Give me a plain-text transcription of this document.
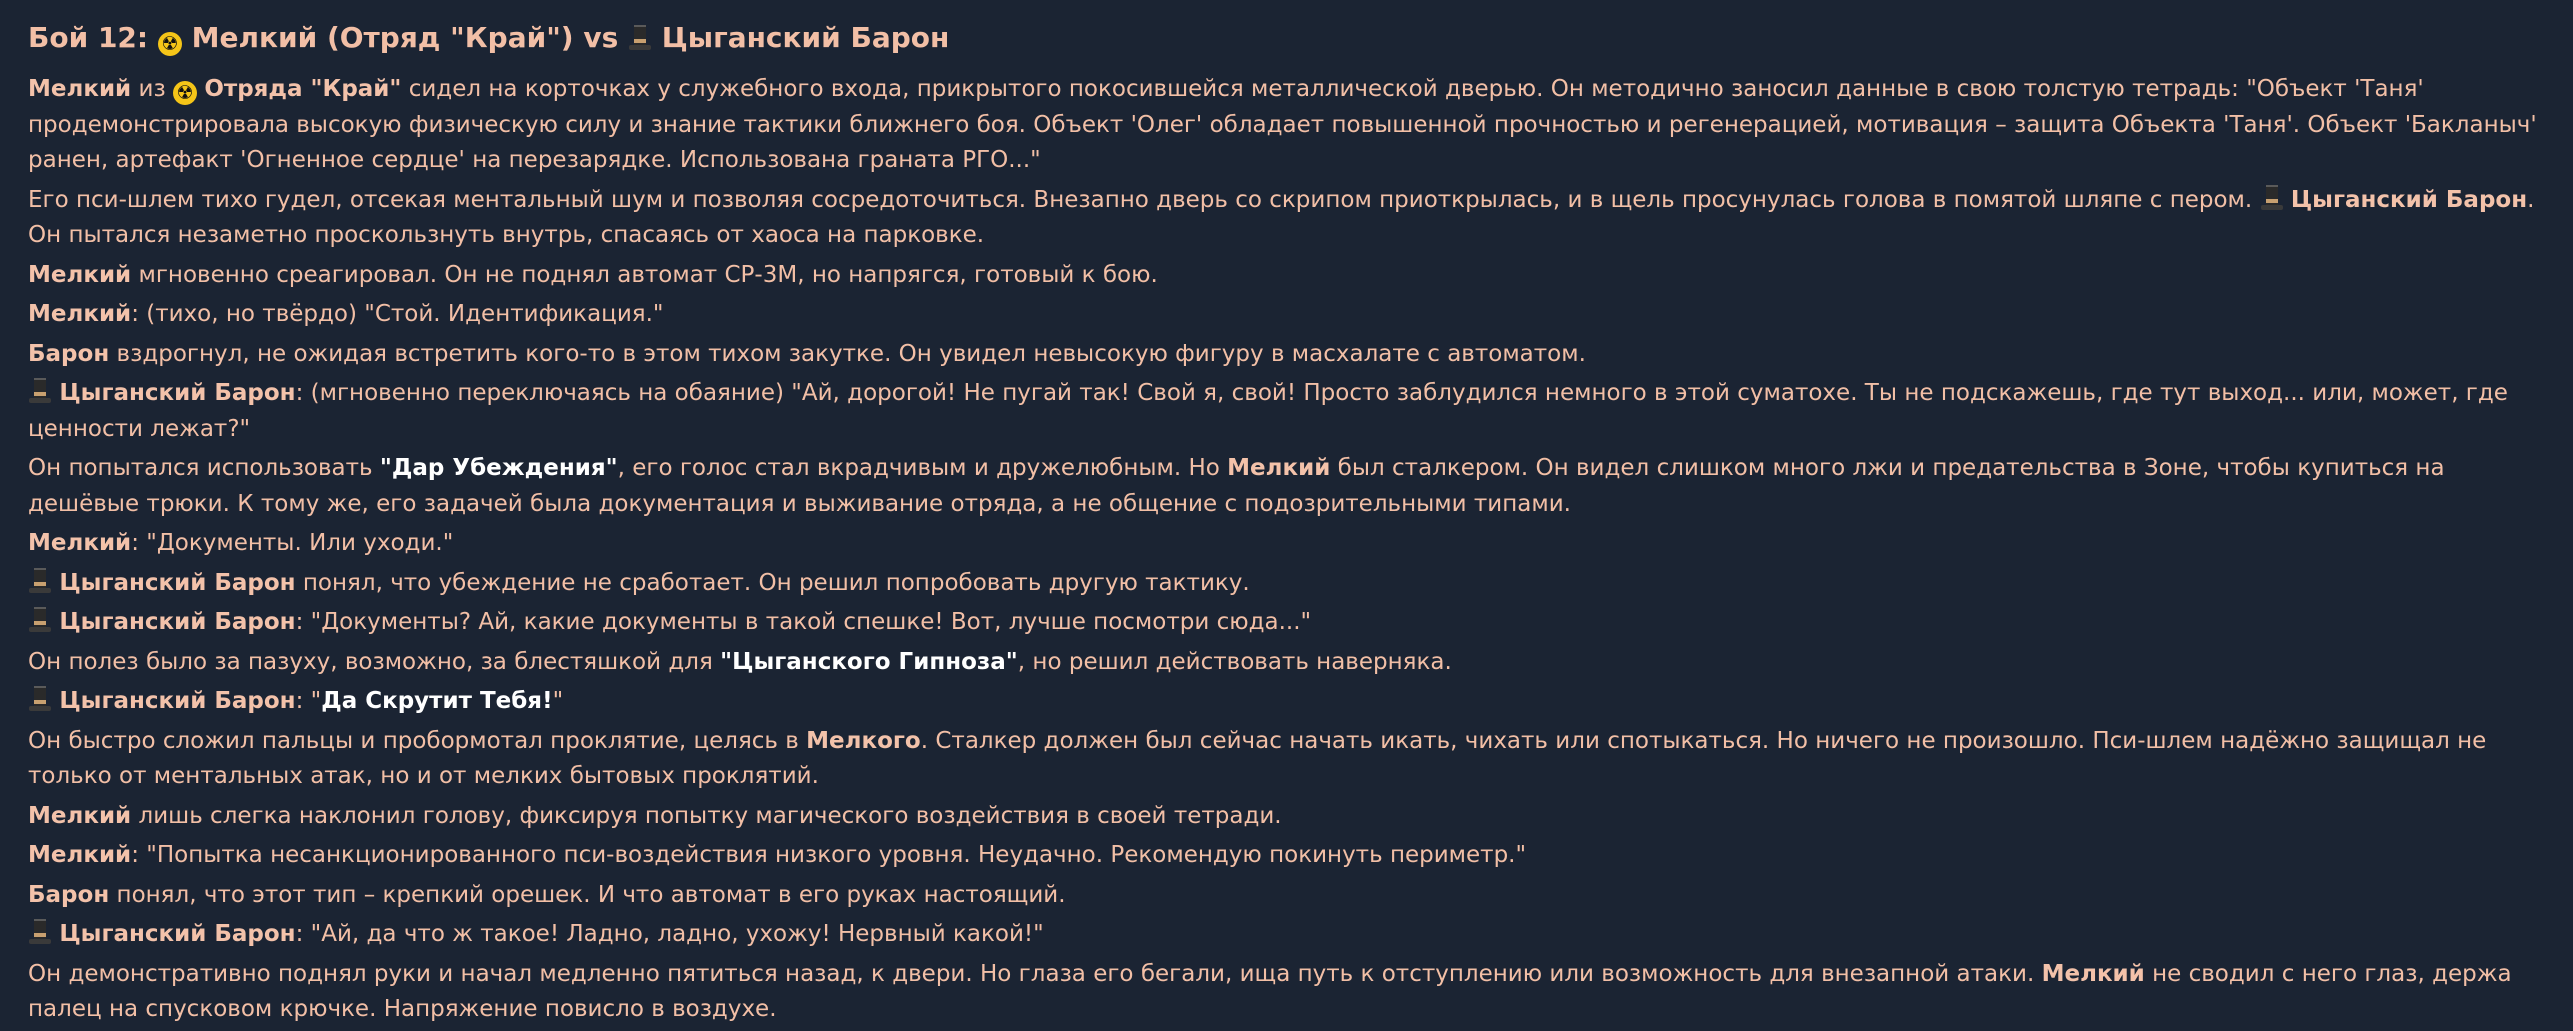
Бой 12: ☢ Мелкий (Отряд "Край") vs
Цыганский Барон
Мелкий из ☢ Отряда "Край" сидел на корточках у служебного входа, прикрытого покосившейся металлической дверью. Он методично заносил данные в свою толстую тетрадь: "Объект 'Таня' продемонстрировала высокую физическую силу и знание тактики ближнего боя. Объект 'Олег' обладает повышенной прочностью и регенерацией, мотивация – защита Объекта 'Таня'. Объект 'Бакланыч' ранен, артефакт 'Огненное сердце' на перезарядке. Использована граната РГО..."
Его пси-шлем тихо гудел, отсекая ментальный шум и позволяя сосредоточиться. Внезапно дверь со скрипом приоткрылась, и в щель просунулась голова в помятой шляпе с пером.
Цыганский Барон. Он пытался незаметно проскользнуть внутрь, спасаясь от хаоса на парковке.
Мелкий мгновенно среагировал. Он не поднял автомат СР-3М, но напрягся, готовый к бою.
Мелкий: (тихо, но твёрдо) "Стой. Идентификация."
Барон вздрогнул, не ожидая встретить кого-то в этом тихом закутке. Он увидел невысокую фигуру в масхалате с автоматом.
Цыганский Барон: (мгновенно переключаясь на обаяние) "Ай, дорогой! Не пугай так! Свой я, свой! Просто заблудился немного в этой суматохе. Ты не подскажешь, где тут выход... или, может, где ценности лежат?"
Он попытался использовать "Дар Убеждения", его голос стал вкрадчивым и дружелюбным. Но Мелкий был сталкером. Он видел слишком много лжи и предательства в Зоне, чтобы купиться на дешёвые трюки. К тому же, его задачей была документация и выживание отряда, а не общение с подозрительными типами.
Мелкий: "Документы. Или уходи."
Цыганский Барон понял, что убеждение не сработает. Он решил попробовать другую тактику.
Цыганский Барон: "Документы? Ай, какие документы в такой спешке! Вот, лучше посмотри сюда..."
Он полез было за пазуху, возможно, за блестяшкой для "Цыганского Гипноза", но решил действовать наверняка.
Цыганский Барон: "Да Скрутит Тебя!"
Он быстро сложил пальцы и пробормотал проклятие, целясь в Мелкого. Сталкер должен был сейчас начать икать, чихать или спотыкаться. Но ничего не произошло. Пси-шлем надёжно защищал не только от ментальных атак, но и от мелких бытовых проклятий.
Мелкий лишь слегка наклонил голову, фиксируя попытку магического воздействия в своей тетради.
Мелкий: "Попытка несанкционированного пси-воздействия низкого уровня. Неудачно. Рекомендую покинуть периметр."
Барон понял, что этот тип – крепкий орешек. И что автомат в его руках настоящий.
Цыганский Барон: "Ай, да что ж такое! Ладно, ладно, ухожу! Нервный какой!"
Он демонстративно поднял руки и начал медленно пятиться назад, к двери. Но глаза его бегали, ища путь к отступлению или возможность для внезапной атаки. Мелкий не сводил с него глаз, держа палец на спусковом крючке. Напряжение повисло в воздухе.
